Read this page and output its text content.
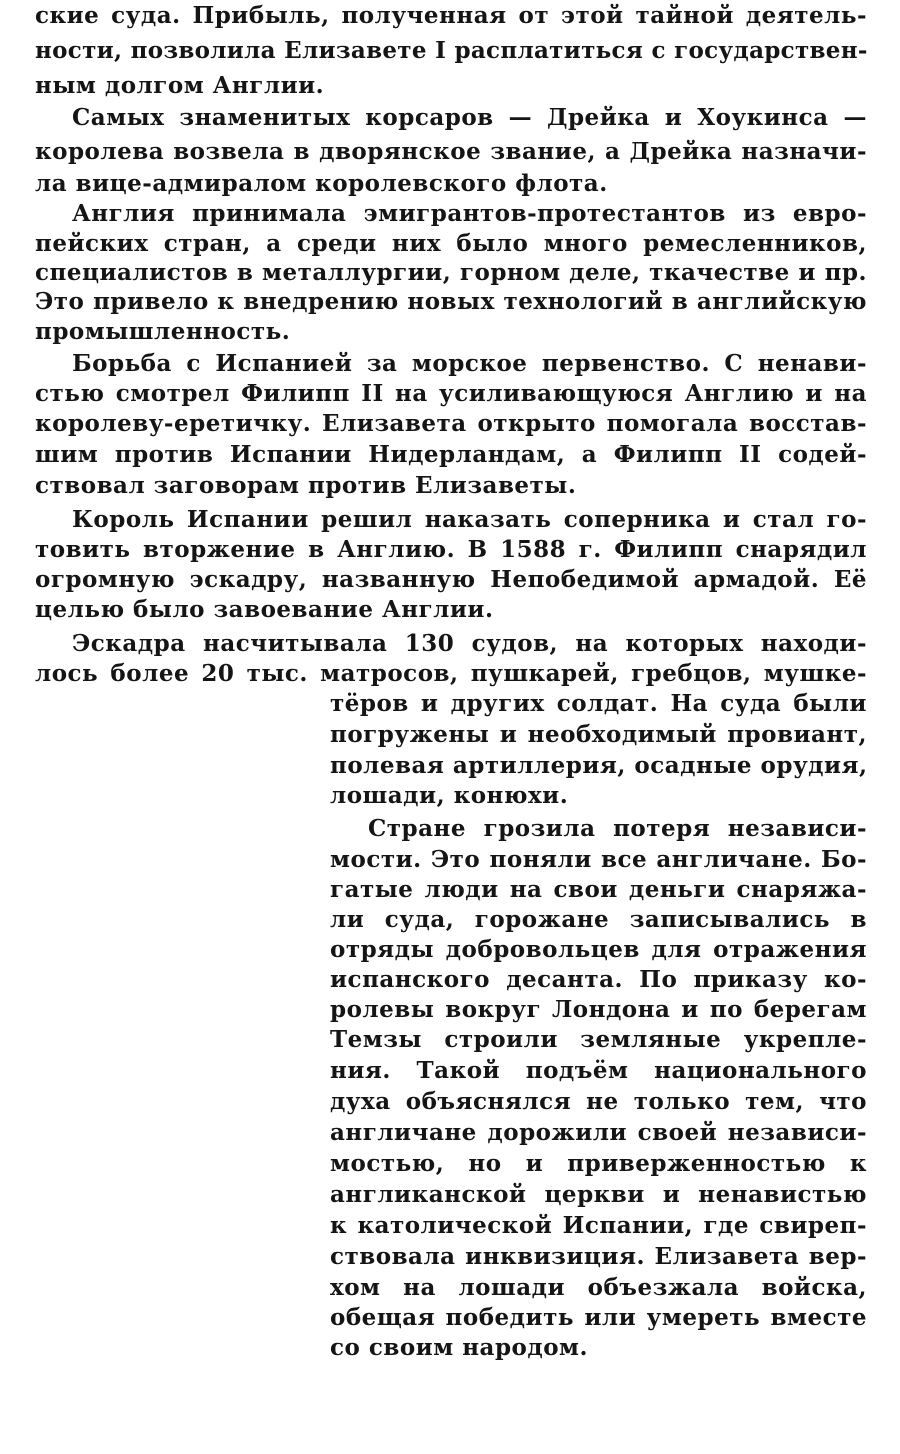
ские суда. Прибыль, полученная от этой тайной деятель-
ности, позволила Елизавете I расплатиться с государствен-
ным долгом Англии.
Самых знаменитых корсаров — Дрейка и Хоукинса —
королева возвела в дворянское звание, а Дрейка назначи-
ла вице-адмиралом королевского флота.
Англия принимала эмигрантов-протестантов из евро-
пейских стран, а среди них было много ремесленников,
специалистов в металлургии, горном деле, ткачестве и пр.
Это привело к внедрению новых технологий в английскую
промышленность.
Борьба с Испанией за морское первенство. С ненави-
стью смотрел Филипп II на усиливающуюся Англию и на
королеву-еретичку. Елизавета открыто помогала восстав-
шим против Испании Нидерландам, а Филипп II содей-
ствовал заговорам против Елизаветы.
Король Испании решил наказать соперника и стал го-
товить вторжение в Англию. В 1588 г. Филипп снарядил
огромную эскадру, названную Непобедимой армадой. Её
целью было завоевание Англии.
Эскадра насчитывала 130 судов, на которых находи-
лось более 20 тыс. матросов, пушкарей, гребцов, мушке-
тёров и других солдат. На суда были
погружены и необходимый провиант,
полевая артиллерия, осадные орудия,
лошади, конюхи.
Стране грозила потеря независи-
мости. Это поняли все англичане. Бо-
гатые люди на свои деньги снаряжа-
ли суда, горожане записывались в
отряды добровольцев для отражения
испанского десанта. По приказу ко-
ролевы вокруг Лондона и по берегам
Темзы строили земляные укрепле-
ния. Такой подъём национального
духа объяснялся не только тем, что
англичане дорожили своей независи-
мостью, но и приверженностью к
англиканской церкви и ненавистью
к католической Испании, где свиреп-
ствовала инквизиция. Елизавета вер-
хом на лошади объезжала войска,
обещая победить или умереть вместе
со своим народом.
